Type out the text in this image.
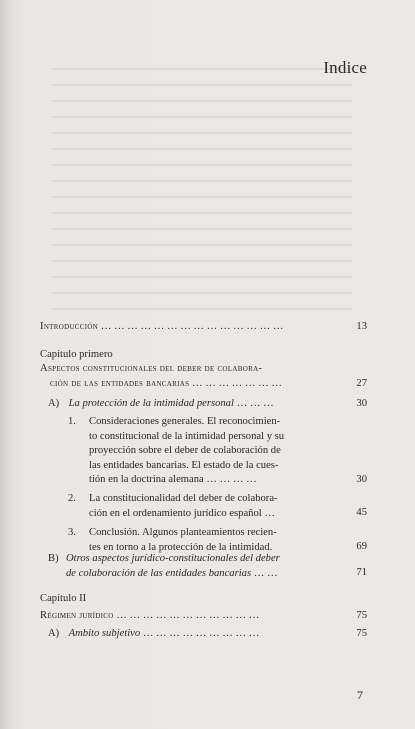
Indice
Introducción … … … … … … … … … … … … … …	13
Capítulo primero
Aspectos constitucionales del deber de colabora-
ción de las entidades bancarias … … … … … … …	27
A) La protección de la intimidad personal … … …	30
1. Consideraciones generales. El reconocimien-
to constitucional de la intimidad personal y su
proyección sobre el deber de colaboración de
las entidades bancarias. El estado de la cues-
tión en la doctrina alemana … … … …	30
2. La constitucionalidad del deber de colabora-
ción en el ordenamiento jurídico español …	45
3. Conclusión. Algunos planteamientos recien-
tes en torno a la protección de la intimidad.	69
B) Otros aspectos jurídico-constitucionales del deber
de colaboración de las entidades bancarias … …	71
Capítulo II
Régimen jurídico … … … … … … … … … … …	75
A) Ambito subjetivo … … … … … … … … …	75
7
